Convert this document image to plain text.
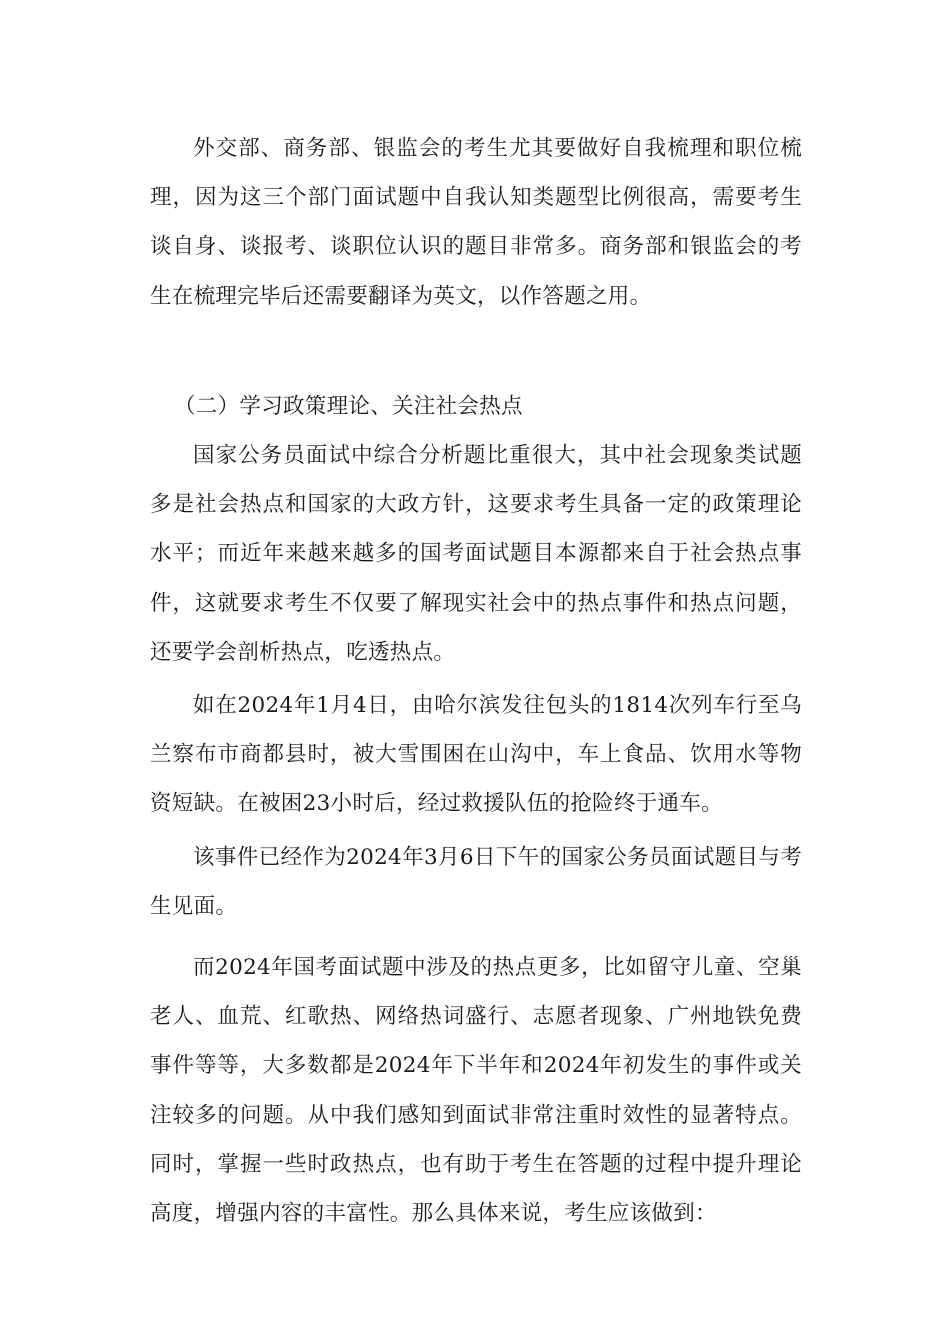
外交部、商务部、银监会的考生尤其要做好自我梳理和职位梳理，因为这三个部门面试题中自我认知类题型比例很高，需要考生谈自身、谈报考、谈职位认识的题目非常多。商务部和银监会的考生在梳理完毕后还需要翻译为英文，以作答题之用。

（二）学习政策理论、关注社会热点

国家公务员面试中综合分析题比重很大，其中社会现象类试题多是社会热点和国家的大政方针，这要求考生具备一定的政策理论水平；而近年来越来越多的国考面试题目本源都来自于社会热点事件，这就要求考生不仅要了解现实社会中的热点事件和热点问题，还要学会剖析热点，吃透热点。

如在2024年1月4日，由哈尔滨发往包头的1814次列车行至乌兰察布市商都县时，被大雪围困在山沟中，车上食品、饮用水等物资短缺。在被困23小时后，经过救援队伍的抢险终于通车。

该事件已经作为2024年3月6日下午的国家公务员面试题目与考生见面。

而2024年国考面试题中涉及的热点更多，比如留守儿童、空巢老人、血荒、红歌热、网络热词盛行、志愿者现象、广州地铁免费事件等等，大多数都是2024年下半年和2024年初发生的事件或关注较多的问题。从中我们感知到面试非常注重时效性的显著特点。同时，掌握一些时政热点，也有助于考生在答题的过程中提升理论高度，增强内容的丰富性。那么具体来说，考生应该做到：
